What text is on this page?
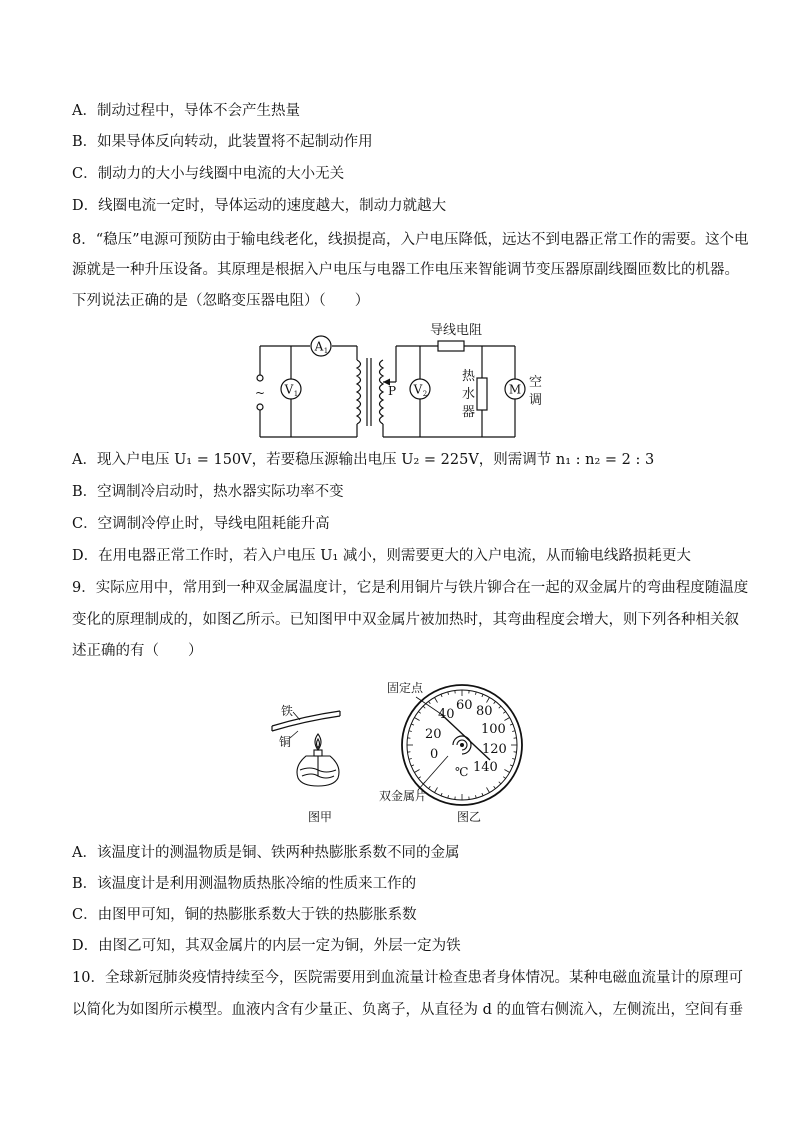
A．制动过程中，导体不会产生热量
B．如果导体反向转动，此装置将不起制动作用
C．制动力的大小与线圈中电流的大小无关
D．线圈电流一定时，导体运动的速度越大，制动力就越大
8．“稳压”电源可预防由于输电线老化，线损提高，入户电压降低，远达不到电器正常工作的需要。这个电
源就是一种升压设备。其原理是根据入户电压与电器工作电压来智能调节变压器原副线圈匝数比的机器。
下列说法正确的是（忽略变压器电阻）（　　）
~	P
A 1
V 1	V 2
导线电阻
热
水
器
M 空
调
A．现入户电压 U₁ = 150V，若要稳压源输出电压 U₂ = 225V，则需调节 n₁ : n₂ = 2 : 3
B．空调制冷启动时，热水器实际功率不变
C．空调制冷停止时，导线电阻耗能升高
D．在用电器正常工作时，若入户电压 U₁ 减小，则需要更大的入户电流，从而输电线路损耗更大
9．实际应用中，常用到一种双金属温度计，它是利用铜片与铁片铆合在一起的双金属片的弯曲程度随温度
变化的原理制成的，如图乙所示。已知图甲中双金属片被加热时，其弯曲程度会增大，则下列各种相关叙
述正确的有（　　）
铁
铜
图甲
0
20
40
60 80
100
120
140
℃
固定点
双金属片
图乙
A．该温度计的测温物质是铜、铁两种热膨胀系数不同的金属
B．该温度计是利用测温物质热胀冷缩的性质来工作的
C．由图甲可知，铜的热膨胀系数大于铁的热膨胀系数
D．由图乙可知，其双金属片的内层一定为铜，外层一定为铁
10．全球新冠肺炎疫情持续至今，医院需要用到血流量计检查患者身体情况。某种电磁血流量计的原理可
以简化为如图所示模型。血液内含有少量正、负离子，从直径为 d 的血管右侧流入，左侧流出，空间有垂
